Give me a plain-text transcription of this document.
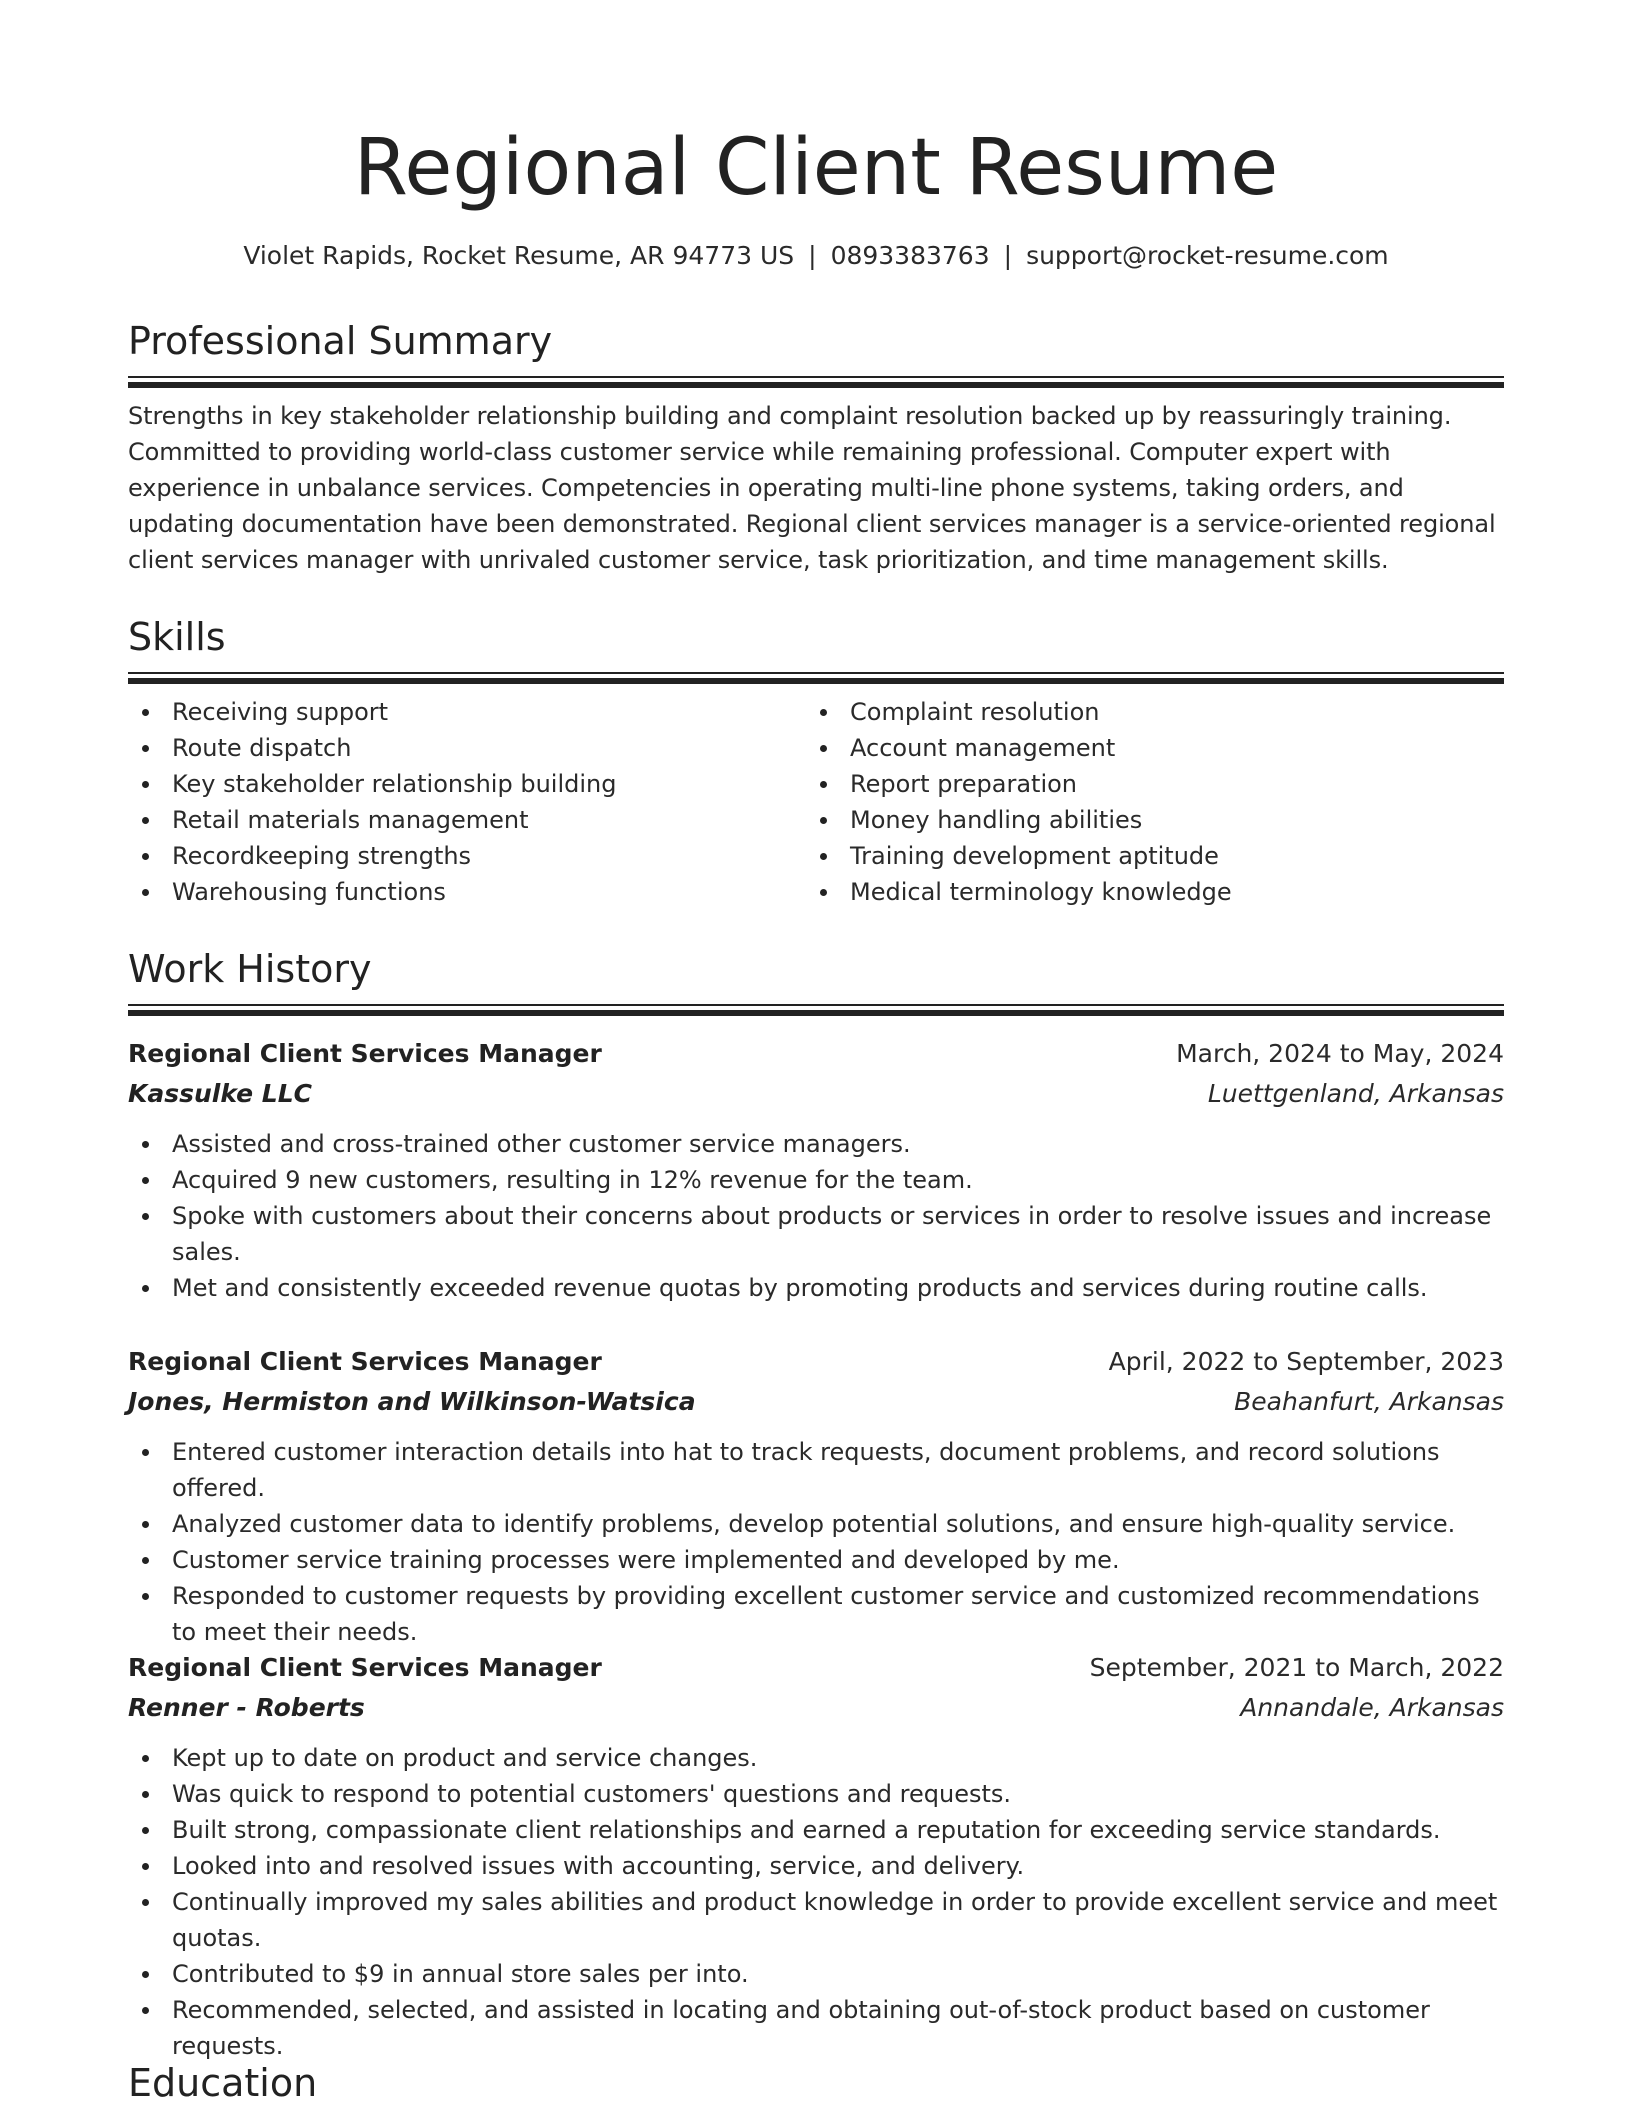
Regional Client Resume
Violet Rapids, Rocket Resume, AR 94773 US | 0893383763 | support@rocket-resume.com
Professional Summary

Strengths in key stakeholder relationship building and complaint resolution backed up by reassuringly training. Committed to providing world-class customer service while remaining professional. Computer expert with experience in unbalance services. Competencies in operating multi-line phone systems, taking orders, and updating documentation have been demonstrated. Regional client services manager is a service-oriented regional client services manager with unrivaled customer service, task prioritization, and time management skills.

Skills
Receiving support
Route dispatch
Key stakeholder relationship building
Retail materials management
Recordkeeping strengths
Warehousing functions
Complaint resolution
Account management
Report preparation
Money handling abilities
Training development aptitude
Medical terminology knowledge
Work History
Regional Client Services Manager	March, 2024 to May, 2024
Kassulke LLC	Luettgenland, Arkansas
Assisted and cross-trained other customer service managers.
Acquired 9 new customers, resulting in 12% revenue for the team.
Spoke with customers about their concerns about products or services in order to resolve issues and increase sales.
Met and consistently exceeded revenue quotas by promoting products and services during routine calls.
Regional Client Services Manager	April, 2022 to September, 2023
Jones, Hermiston and Wilkinson-Watsica	Beahanfurt, Arkansas
Entered customer interaction details into hat to track requests, document problems, and record solutions offered.
Analyzed customer data to identify problems, develop potential solutions, and ensure high-quality service.
Customer service training processes were implemented and developed by me.
Responded to customer requests by providing excellent customer service and customized recommendations to meet their needs.
Regional Client Services Manager	September, 2021 to March, 2022
Renner - Roberts	Annandale, Arkansas
Kept up to date on product and service changes.
Was quick to respond to potential customers' questions and requests.
Built strong, compassionate client relationships and earned a reputation for exceeding service standards.
Looked into and resolved issues with accounting, service, and delivery.
Continually improved my sales abilities and product knowledge in order to provide excellent service and meet quotas.
Contributed to $9 in annual store sales per into.
Recommended, selected, and assisted in locating and obtaining out-of-stock product based on customer requests.
Education
